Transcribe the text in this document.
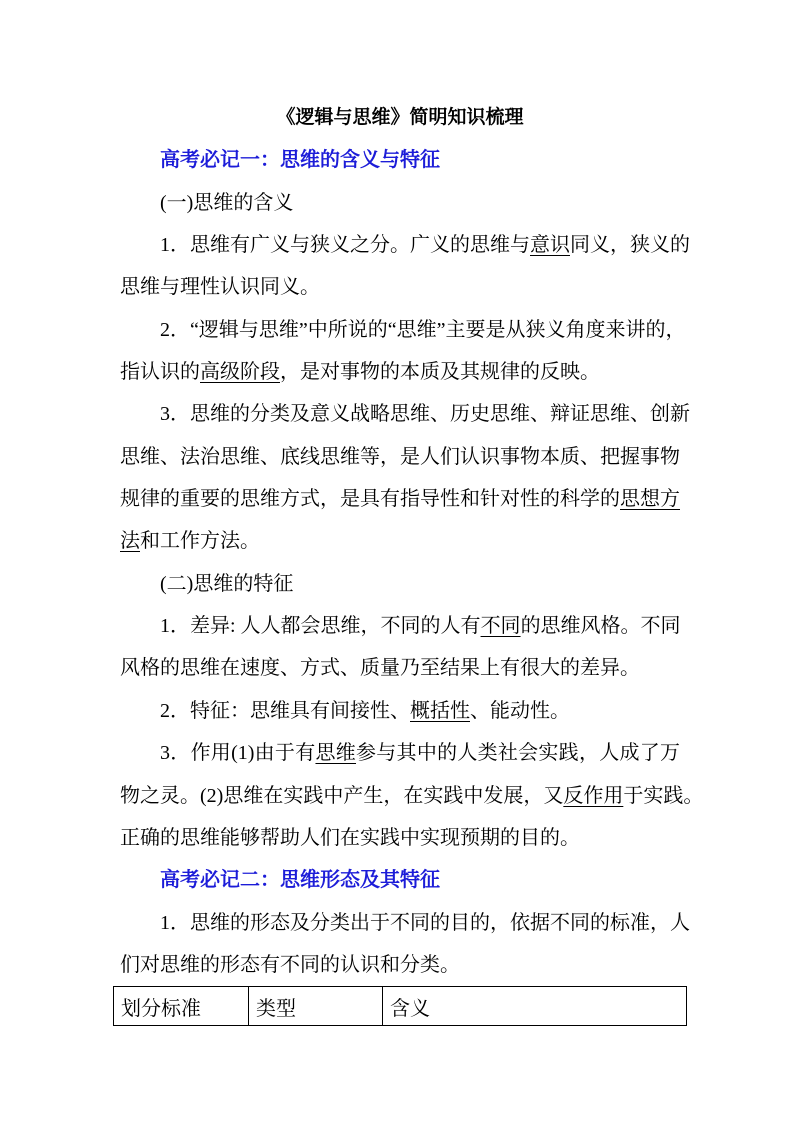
《逻辑与思维》简明知识梳理
高考必记一：思维的含义与特征
(一)思维的含义
1．思维有广义与狭义之分。广义的思维与意识同义，狭义的
思维与理性认识同义。
2．“逻辑与思维”中所说的“思维”主要是从狭义角度来讲的，
指认识的高级阶段，是对事物的本质及其规律的反映。
3．思维的分类及意义战略思维、历史思维、辩证思维、创新
思维、法治思维、底线思维等，是人们认识事物本质、把握事物
规律的重要的思维方式，是具有指导性和针对性的科学的思想方
法和工作方法。
(二)思维的特征
1．差异: 人人都会思维，不同的人有不同的思维风格。不同
风格的思维在速度、方式、质量乃至结果上有很大的差异。
2．特征：思维具有间接性、概括性、能动性。
3．作用(1)由于有思维参与其中的人类社会实践，人成了万
物之灵。(2)思维在实践中产生，在实践中发展，又反作用于实践。
正确的思维能够帮助人们在实践中实现预期的目的。
高考必记二：思维形态及其特征
1．思维的形态及分类出于不同的目的，依据不同的标准，人
们对思维的形态有不同的认识和分类。
划分标准	类型	含义
